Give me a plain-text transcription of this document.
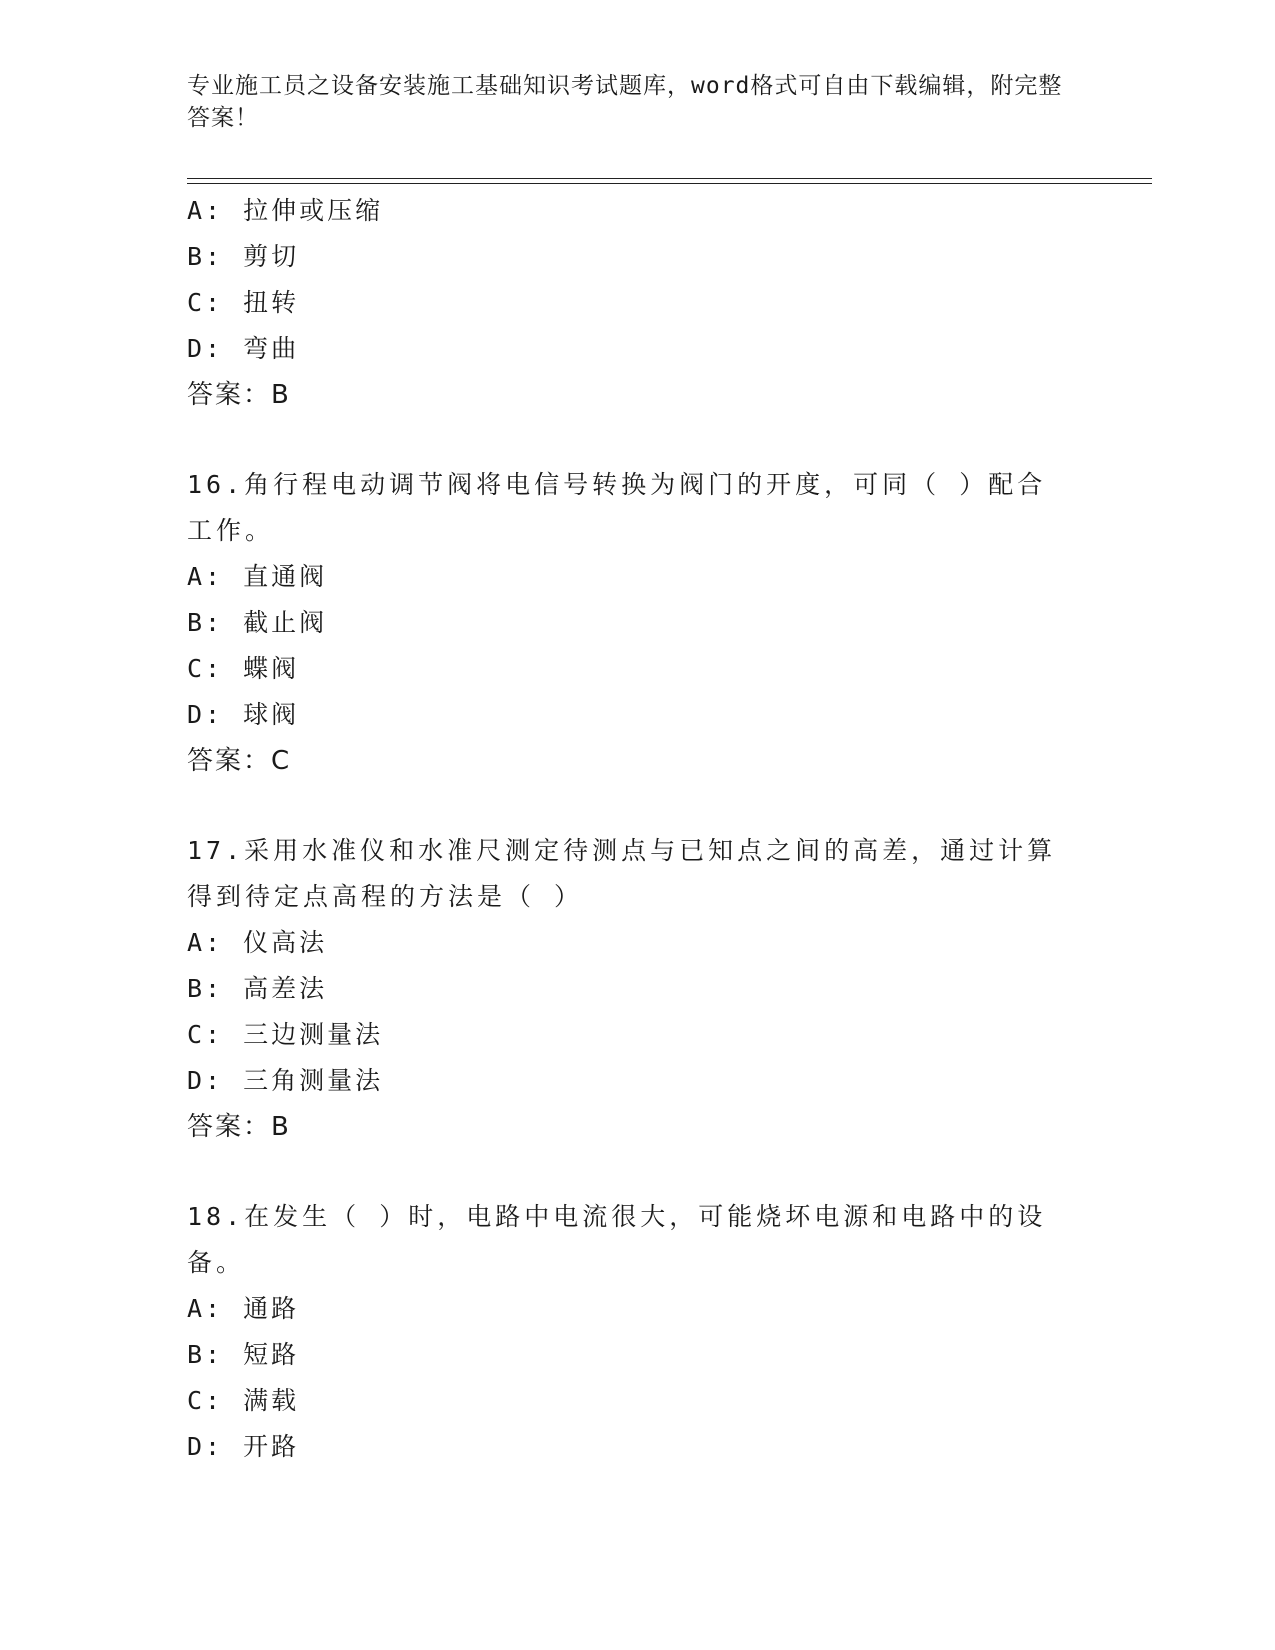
专业施工员之设备安装施工基础知识考试题库，word格式可自由下载编辑，附完整答案！
A: 拉伸或压缩
B: 剪切
C: 扭转
D: 弯曲
答案：B
16.角行程电动调节阀将电信号转换为阀门的开度，可同（ ）配合工作。
A: 直通阀
B: 截止阀
C: 蝶阀
D: 球阀
答案：C
17.采用水准仪和水准尺测定待测点与已知点之间的高差，通过计算得到待定点高程的方法是（ ）
A: 仪高法
B: 高差法
C: 三边测量法
D: 三角测量法
答案：B
18.在发生（ ）时，电路中电流很大，可能烧坏电源和电路中的设备。
A: 通路
B: 短路
C: 满载
D: 开路
